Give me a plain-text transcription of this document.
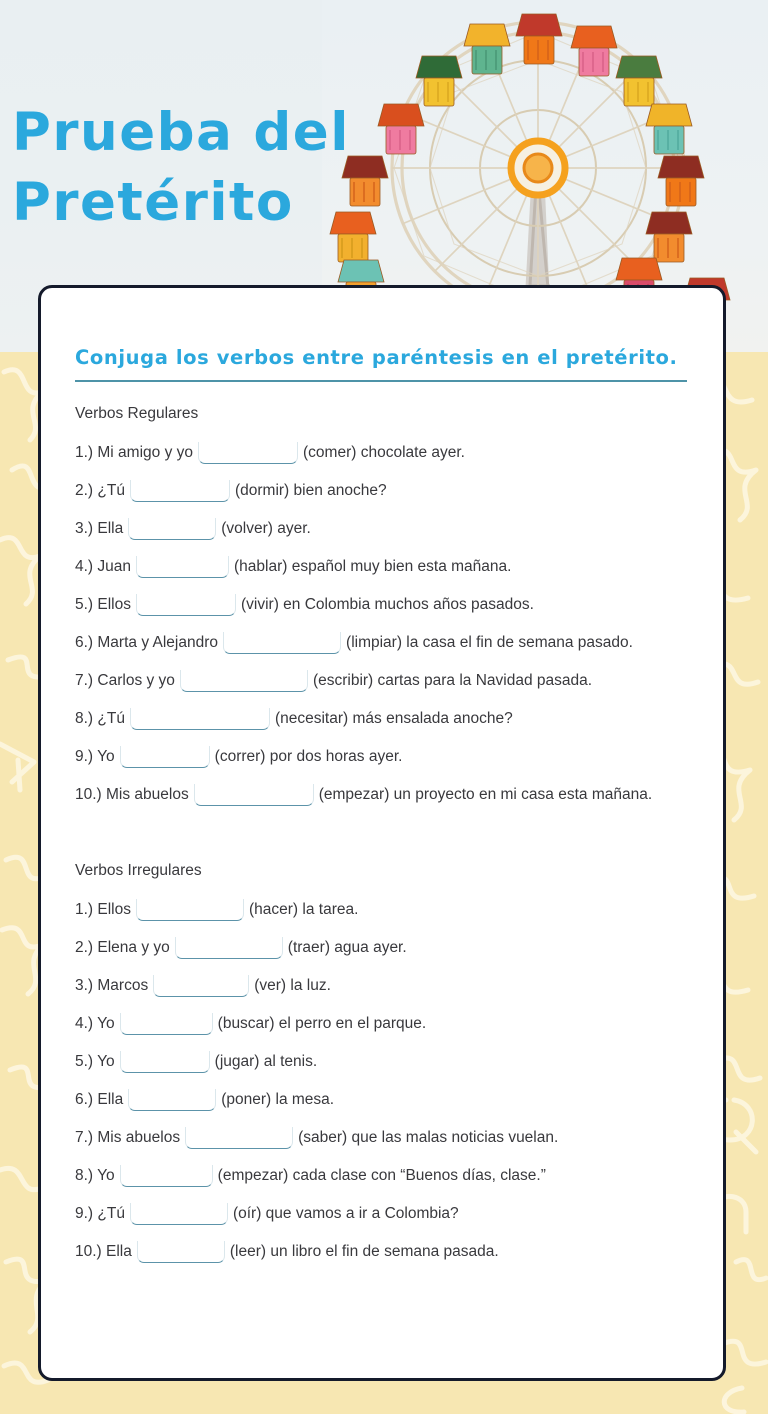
Prueba del
Pretérito
Conjuga los verbos entre paréntesis en el pretérito.
Verbos Regulares
1.) Mi amigo y yo	(comer) chocolate ayer.
2.) ¿Tú	(dormir) bien anoche?
3.) Ella	(volver) ayer.
4.) Juan	(hablar) español muy bien esta mañana.
5.) Ellos	(vivir) en Colombia muchos años pasados.
6.) Marta y Alejandro	(limpiar) la casa el fin de semana pasado.
7.) Carlos y yo	(escribir) cartas para la Navidad pasada.
8.) ¿Tú	(necesitar) más ensalada anoche?
9.) Yo	(correr) por dos horas ayer.
10.) Mis abuelos	(empezar) un proyecto en mi casa esta mañana.
Verbos Irregulares
1.) Ellos	(hacer) la tarea.
2.) Elena y yo	(traer) agua ayer.
3.) Marcos	(ver) la luz.
4.) Yo	(buscar) el perro en el parque.
5.) Yo	(jugar) al tenis.
6.) Ella	(poner) la mesa.
7.) Mis abuelos	(saber) que las malas noticias vuelan.
8.) Yo	(empezar) cada clase con “Buenos días, clase.”
9.) ¿Tú	(oír) que vamos a ir a Colombia?
10.) Ella	(leer) un libro el fin de semana pasada.
